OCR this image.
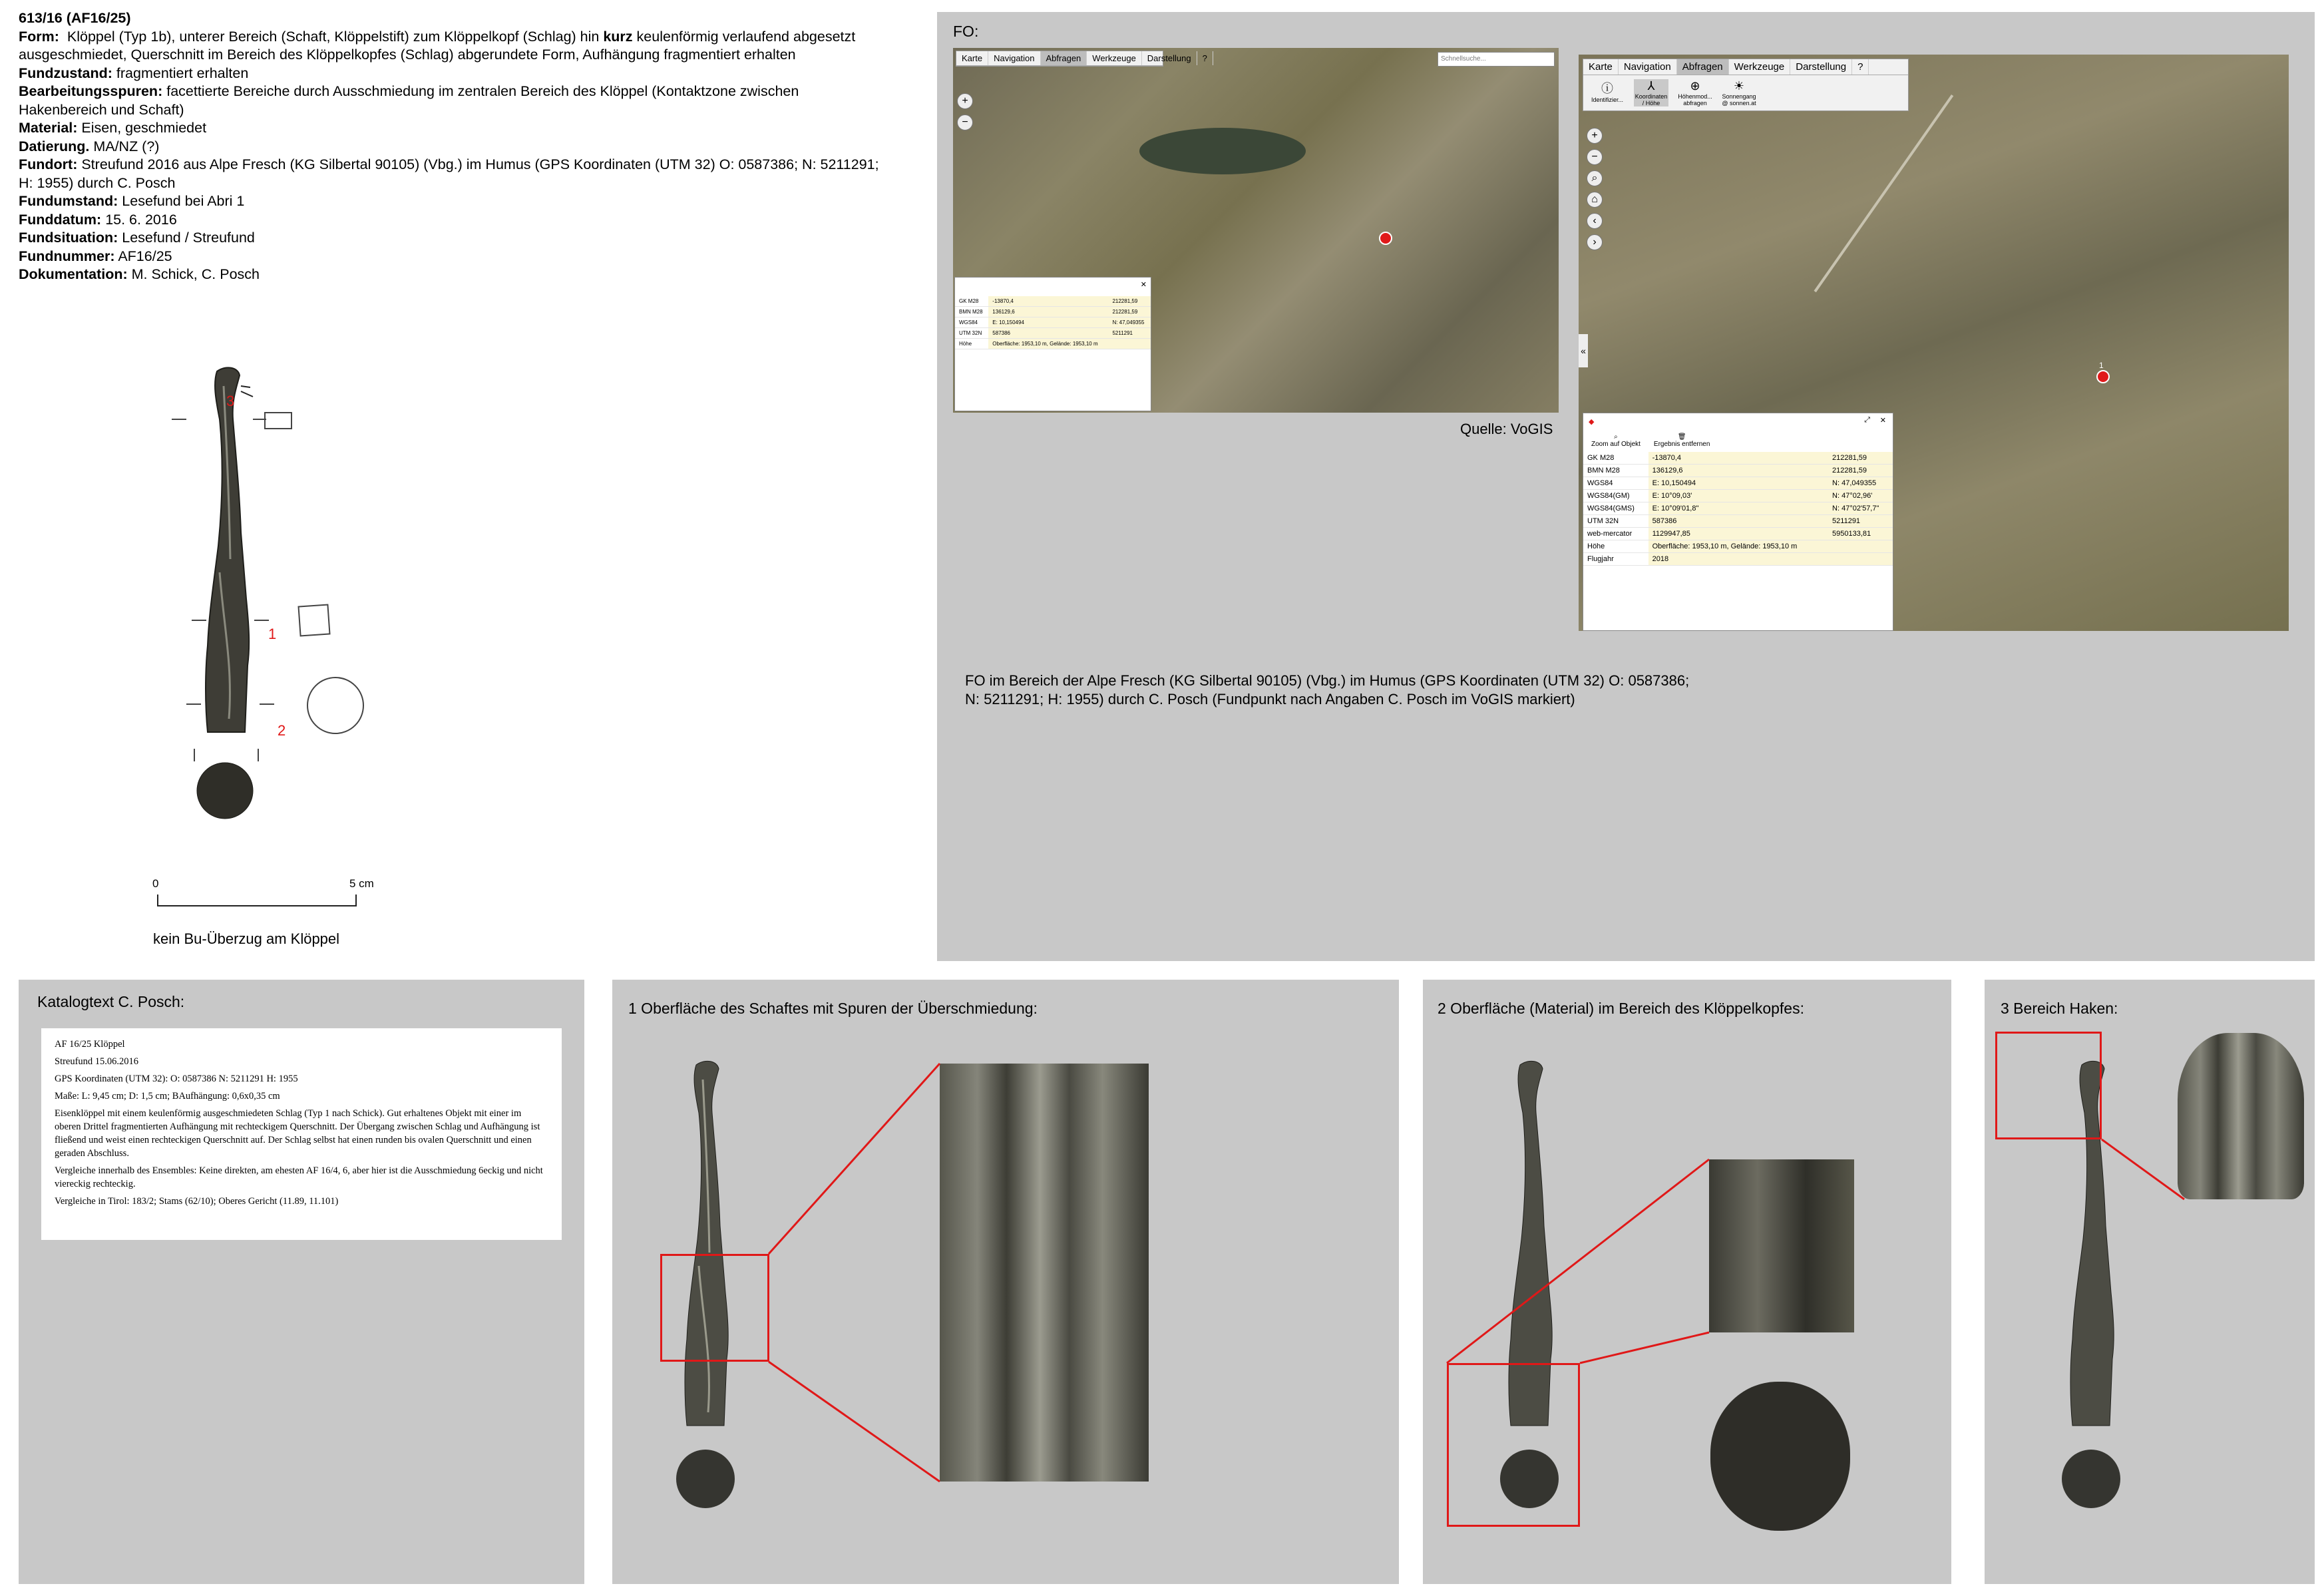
613/16 (AF16/25)
Form: Klöppel (Typ 1b), unterer Bereich (Schaft, Klöppelstift) zum Klöppelkopf (Schlag) hin kurz keulenförmig verlaufend abgesetzt ausgeschmiedet, Querschnitt im Bereich des Klöppelkopfes (Schlag) abgerundete Form, Aufhängung fragmentiert erhalten
Fundzustand: fragmentiert erhalten
Bearbeitungsspuren: facettierte Bereiche durch Ausschmiedung im zentralen Bereich des Klöppel (Kontaktzone zwischen Hakenbereich und Schaft)
Material: Eisen, geschmiedet
Datierung. MA/NZ (?)
Fundort: Streufund 2016 aus Alpe Fresch (KG Silbertal 90105) (Vbg.) im Humus (GPS Koordinaten (UTM 32) O: 0587386; N: 5211291; H: 1955) durch C. Posch
Fundumstand: Lesefund bei Abri 1
Funddatum: 15. 6. 2016
Fundsituation: Lesefund / Streufund
Fundnummer: AF16/25
Dokumentation: M. Schick, C. Posch
3
1
2
0	5 cm
kein Bu-Überzug am Klöppel
FO:
Karte	Navigation	Abfragen	Werkzeuge	Darstellung	?	Schnellsuche...
+
−
✕
GK M28	-13870,4	212281,59
BMN M28	136129,6	212281,59
WGS84	E: 10,150494	N: 47,049355
UTM 32N	587386	5211291
Höhe	Oberfläche: 1953,10 m, Gelände: 1953,10 m	
Karte	Navigation	Abfragen	Werkzeuge	Darstellung	?
ⓘ
Identifizier...
⅄
Koordinaten / Höhe
⊕
Höhenmod... abfragen
☀
Sonnengang @ sonnen.at
+
−
⌕
⌂
‹
›
«
1
◆	⤢ ✕
⌕
Zoom auf Objekt
🗑
Ergebnis entfernen
GK M28	-13870,4	212281,59
BMN M28	136129,6	212281,59
WGS84	E: 10,150494	N: 47,049355
WGS84(GM)	E: 10°09,03'	N: 47°02,96'
WGS84(GMS)	E: 10°09'01,8"	N: 47°02'57,7"
UTM 32N	587386	5211291
web-mercator	1129947,85	5950133,81
Höhe	Oberfläche: 1953,10 m, Gelände: 1953,10 m	
Flugjahr	2018	
Quelle: VoGIS
FO im Bereich der Alpe Fresch (KG Silbertal 90105) (Vbg.) im Humus (GPS Koordinaten (UTM 32) O: 0587386;
N: 5211291; H: 1955) durch C. Posch (Fundpunkt nach Angaben C. Posch im VoGIS markiert)
Katalogtext C. Posch:

AF 16/25 Klöppel

Streufund 15.06.2016

GPS Koordinaten (UTM 32): O: 0587386 N: 5211291 H: 1955

Maße: L: 9,45 cm; D: 1,5 cm; BAufhängung: 0,6x0,35 cm

Eisenklöppel mit einem keulenförmig ausgeschmiedeten Schlag (Typ 1 nach Schick). Gut erhaltenes Objekt mit einer im oberen Drittel fragmentierten Aufhängung mit rechteckigem Querschnitt. Der Übergang zwischen Schlag und Aufhängung ist fließend und weist einen rechteckigen Querschnitt auf. Der Schlag selbst hat einen runden bis ovalen Querschnitt und einen geraden Abschluss.

Vergleiche innerhalb des Ensembles: Keine direkten, am ehesten AF 16/4, 6, aber hier ist die Ausschmiedung 6eckig und nicht viereckig rechteckig.

Vergleiche in Tirol: 183/2; Stams (62/10); Oberes Gericht (11.89, 11.101)

1 Oberfläche des Schaftes mit Spuren der Überschmiedung:	2 Oberfläche (Material) im Bereich des Klöppelkopfes:	3 Bereich Haken:
